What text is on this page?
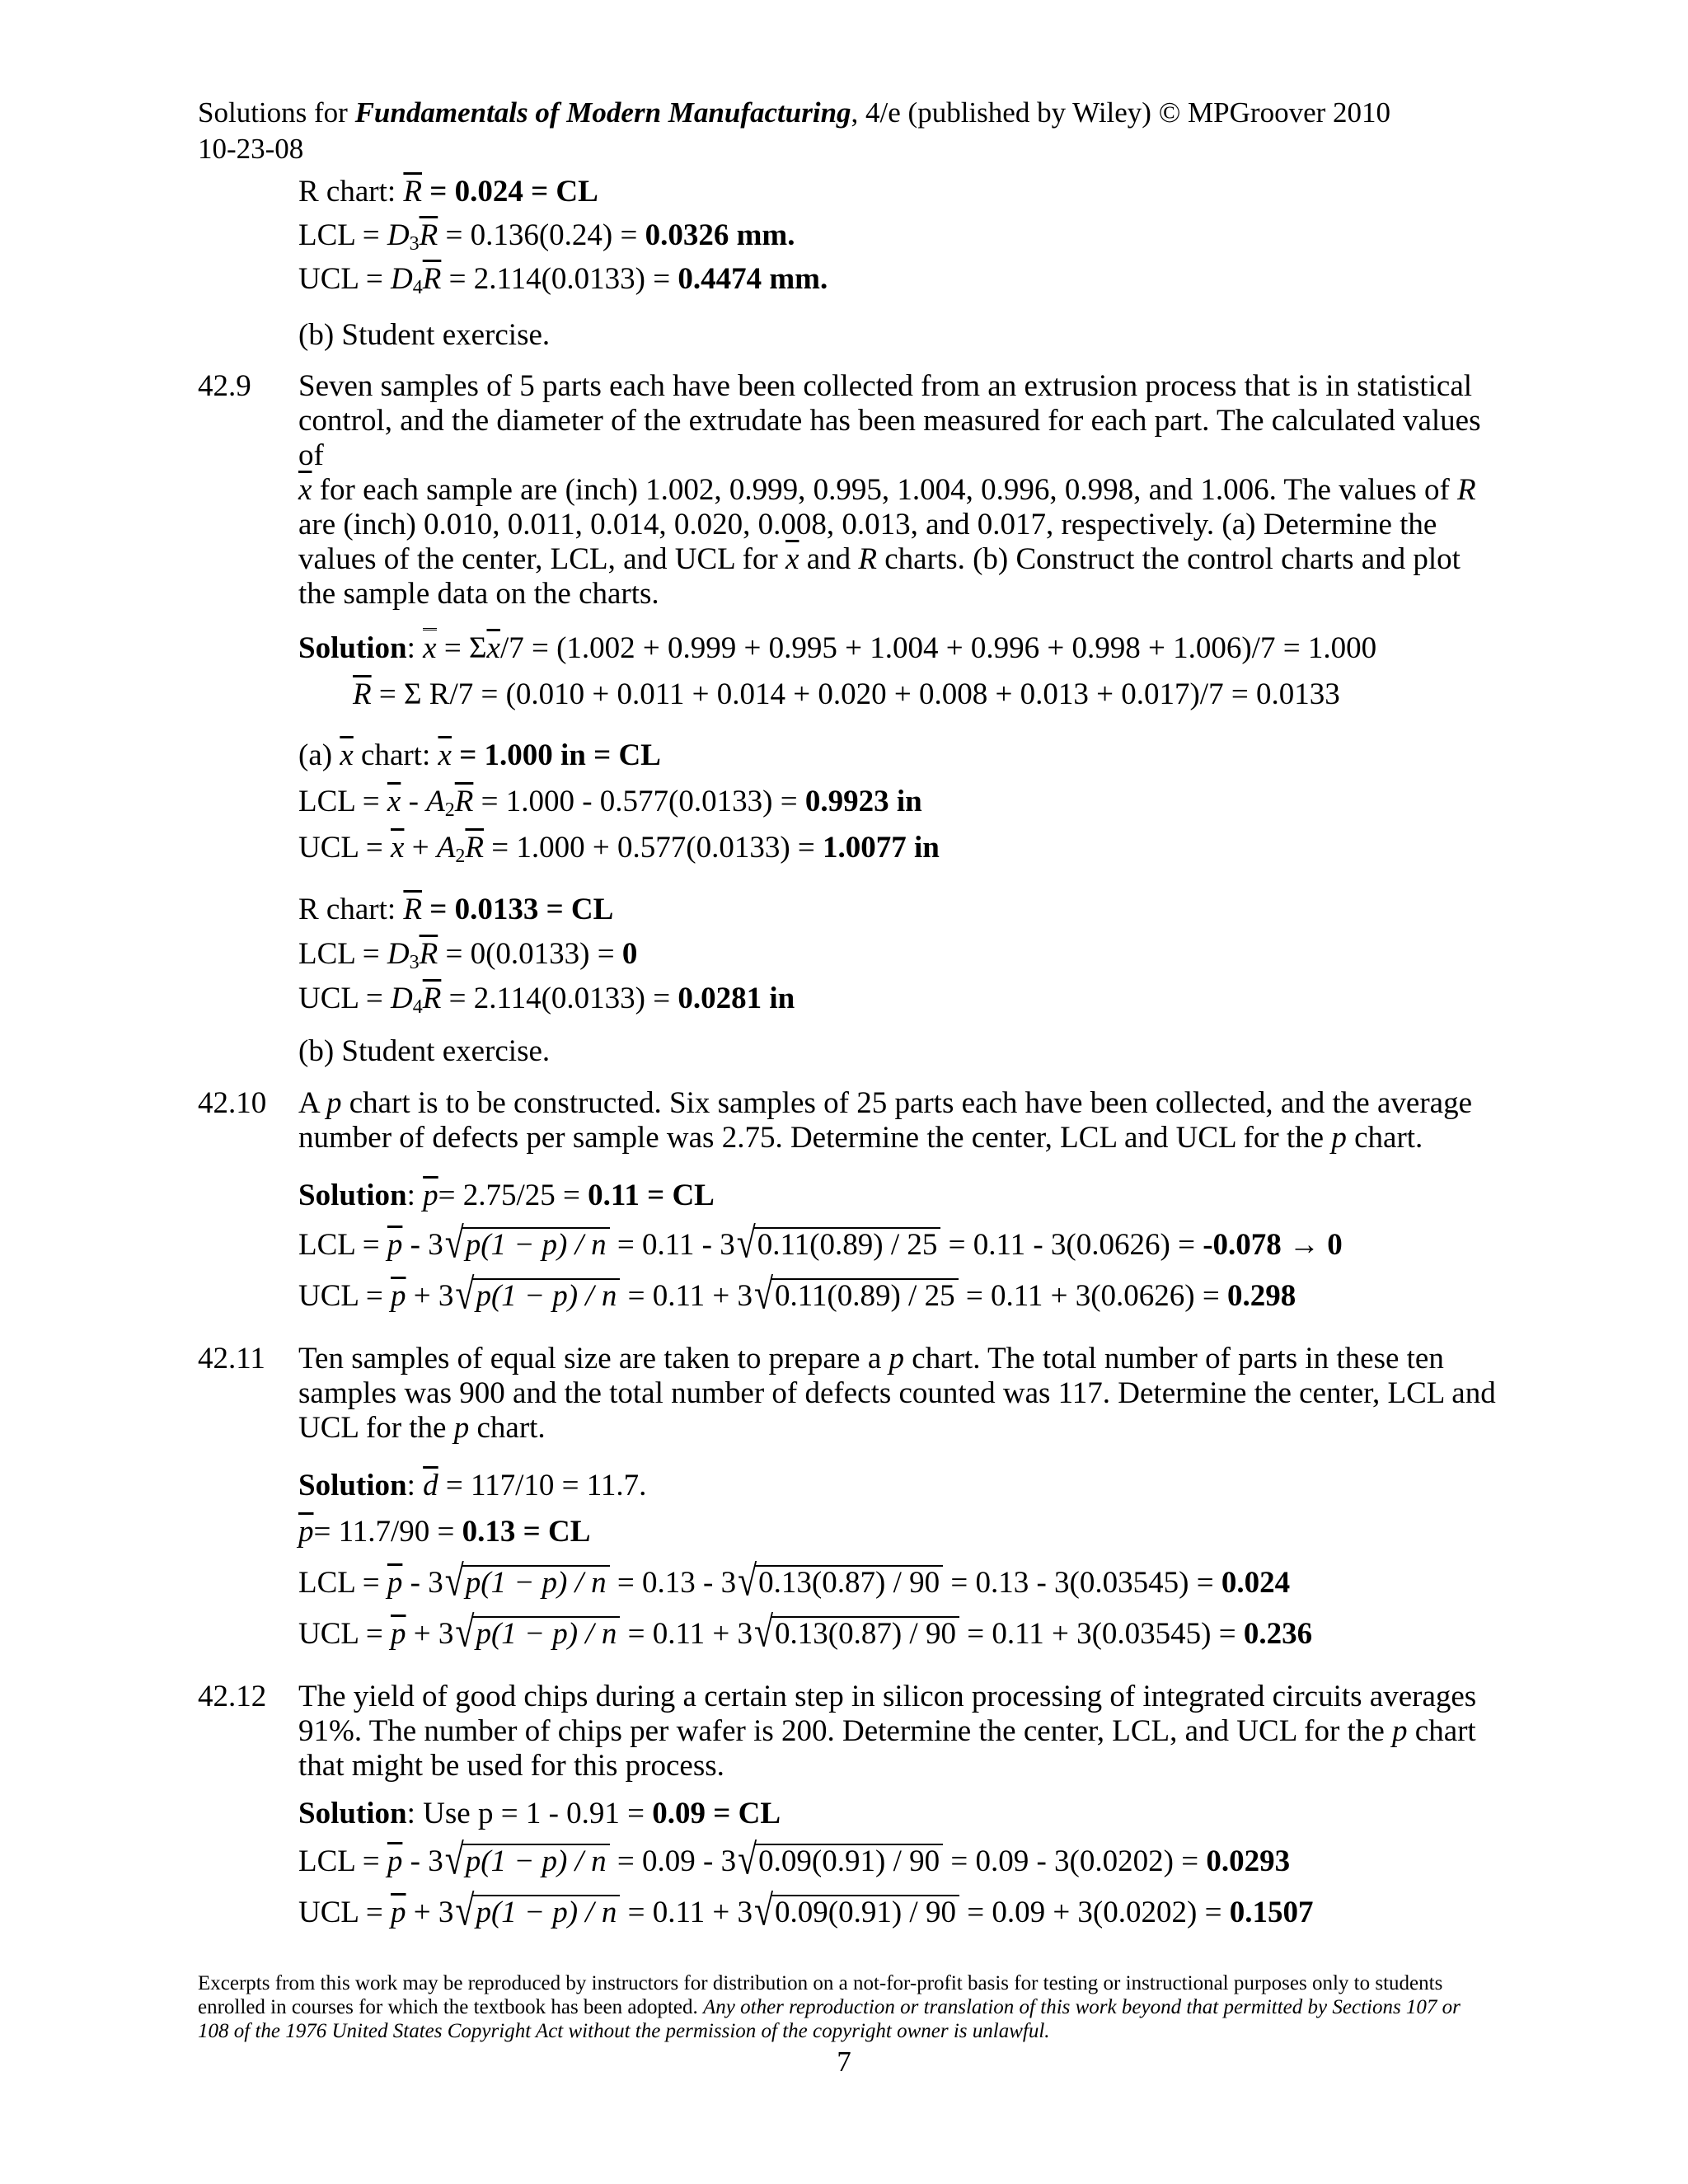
Solutions for Fundamentals of Modern Manufacturing, 4/e (published by Wiley) © MPGroover 2010
10-23-08
R chart: $\overline{R} = 0.024$ = CL
LCL = $D_3\overline{R} = 0.136(0.24) = 0.0326$ mm.
UCL = $D_4\overline{R} = 2.114(0.0133) = 0.4474$ mm.
(b) Student exercise.
42.9 Seven samples of 5 parts each have been collected from an extrusion process that is in statistical control, and the diameter of the extrudate has been measured for each part. The calculated values of
$\overline{x}$ for each sample are (inch) 1.002, 0.999, 0.995, 1.004, 0.996, 0.998, and 1.006. The values of R are (inch) 0.010, 0.011, 0.014, 0.020, 0.008, 0.013, and 0.017, respectively. (a) Determine the
values of the center, LCL, and UCL for $\overline{x}$ and R charts. (b) Construct the control charts and plot the sample data on the charts.
Solution: $x = \Sigma\overline{x}/7 = (1.002 + 0.999 + 0.995 + 1.004 + 0.996 + 0.998 + 1.006)/7 = 1.000$
$\overline{R} = \Sigma$ R/7 = (0.010 + 0.011 + 0.014 + 0.020 + 0.008 + 0.013 + 0.017)/7 = 0.0133
(a) $\overline{x}$ chart: $\overline{x} = 1.000$ in = CL
LCL = $\overline{x} - A_2\overline{R} = 1.000 - 0.577(0.0133) = 0.9923$ in
UCL = $\overline{x} + A_2\overline{R} = 1.000 + 0.577(0.0133) = 1.0077$ in
R chart: $\overline{R} = 0.0133$ = CL
LCL = $D_3\overline{R} = 0(0.0133) = 0$
UCL = $D_4\overline{R} = 2.114(0.0133) = 0.0281$ in
(b) Student exercise.
42.10 A p chart is to be constructed. Six samples of 25 parts each have been collected, and the average number of defects per sample was 2.75. Determine the center, LCL and UCL for the p chart.
Solution: $\overline{p}= 2.75/25 = 0.11$ = CL
LCL = $\overline{p} - 3√p(1 - p) / n = 0.11 - 3√0.11(0.89) / 25 = 0.11 - 3(0.0626) = -0.078 \to 0$
UCL = $\overline{p} + 3√p(1 - p) / n = 0.11 + 3√0.11(0.89) / 25 = 0.11 + 3(0.0626) = 0.298$
42.11 Ten samples of equal size are taken to prepare a p chart. The total number of parts in these ten samples was 900 and the total number of defects counted was 117. Determine the center, LCL and UCL for the p chart.
Solution: $\overline{d} = 117/10 = 11.7$.
$\overline{p}= 11.7/90 = 0.13$ = CL
LCL = $\overline{p} - 3√p(1 - p) / n = 0.13 - 3√0.13(0.87) / 90 = 0.13 - 3(0.03545) = 0.024$
UCL = $\overline{p} + 3√p(1 - p) / n = 0.11 + 3√0.13(0.87) / 90 = 0.11 + 3(0.03545) = 0.236$
42.12 The yield of good chips during a certain step in silicon processing of integrated circuits averages 91%. The number of chips per wafer is 200. Determine the center, LCL, and UCL for the p chart that might be used for this process.
Solution: Use p = 1 - 0.91 = 0.09 = CL
LCL = $\overline{p} - 3√p(1 - p) / n = 0.09 - 3√0.09(0.91) / 90 = 0.09 - 3(0.0202) = 0.0293$
UCL = $\overline{p} + 3√p(1 - p) / n = 0.11 + 3√0.09(0.91) / 90 = 0.09 + 3(0.0202) = 0.1507$
Excerpts from this work may be reproduced by instructors for distribution on a not-for-profit basis for testing or instructional purposes only to students enrolled in courses for which the textbook has been adopted. Any other reproduction or translation of this work beyond that permitted by Sections 107 or 108 of the 1976 United States Copyright Act without the permission of the copyright owner is unlawful.
7
